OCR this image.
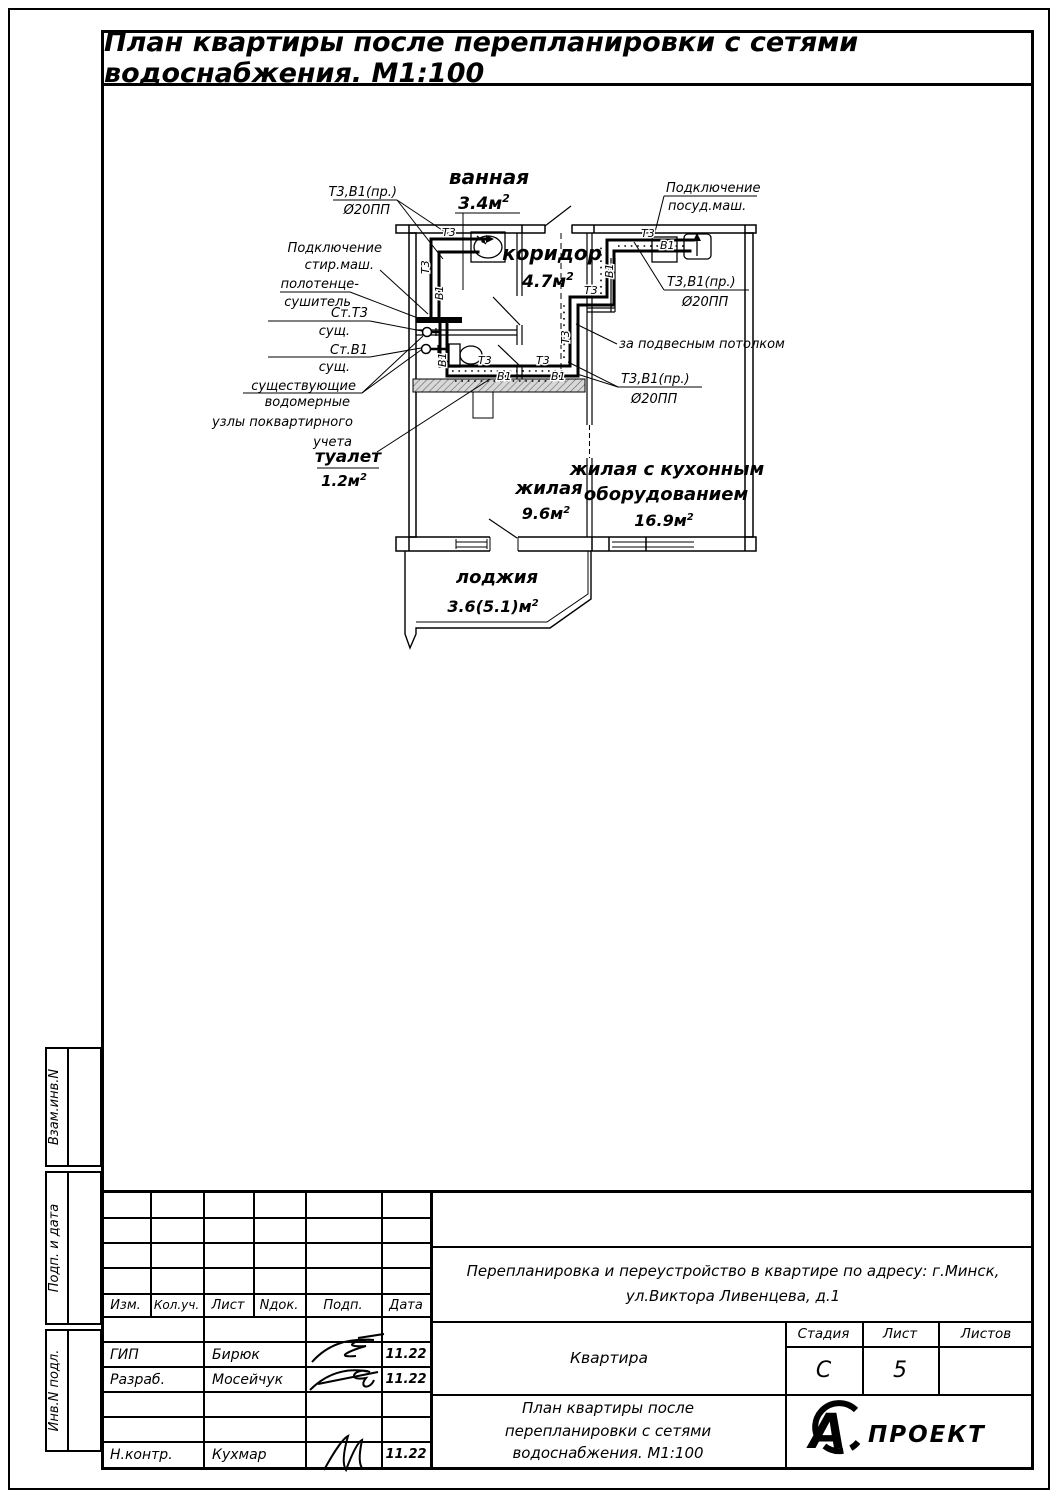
План квартиры после перепланировки с сетями водоснабжения. М1:100
ванная
$3.4м^2$
коридор
$4.7м^2$
туалет
$1.2м^2$
жилая
$9.6м^2$
жилая с кухонным
оборудованием
$16.9м^2$
лоджия
$3.6(5.1)м^2$
Т3
Т3
В1
В1	Т3	Т3
В1	В1
Т3
Т3
В1
Т3
В1
Т3,В1(пр.)
Ø20ПП
Подключение
стир.маш.
полотенце-
сушитель
Ст.Т3
сущ.
Ст.В1
сущ.
существующие
водомерные
узлы поквартирного
учета
Подключение
посуд.маш.
Т3,В1(пр.)
Ø20ПП
за подвесным потолком
Т3,В1(пр.)
Ø20ПП
Взам.инв.N
Подп. и дата
Инв.N подл.
Изм.	Кол.уч. Лист	Nдок.	Подп.	Дата
ГИП	Бирюк	11.22
Разраб.	Мосейчук	11.22
Н.контр.	Кухмар	11.22
Перепланировка и переустройство в квартире по адресу: г.Минск,
ул.Виктора Ливенцева, д.1
Квартира
Стадия	Лист	Листов
С	5
План квартиры после
перепланировки с сетями
водоснабжения. М1:100 А ПРОЕКТ
